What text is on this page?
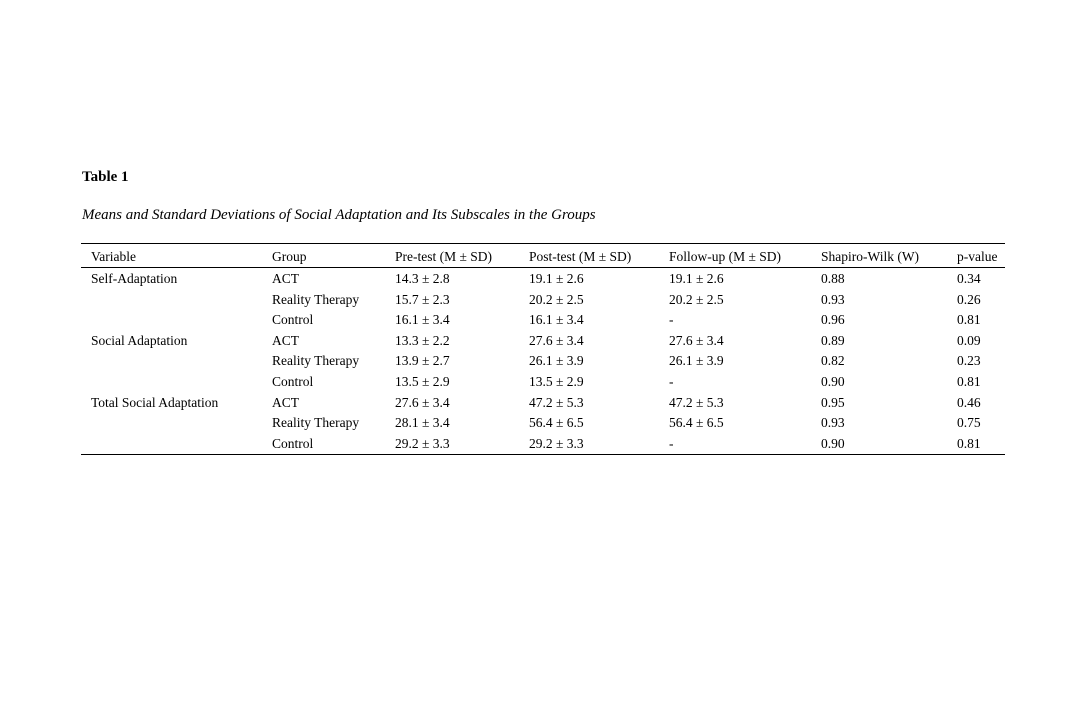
Table 1
Means and Standard Deviations of Social Adaptation and Its Subscales in the Groups
Variable	Group	Pre-test (M ± SD)	Post-test (M ± SD)	Follow-up (M ± SD)	Shapiro-Wilk (W)	p-value
Self-Adaptation	ACT	14.3 ± 2.8	19.1 ± 2.6	19.1 ± 2.6	0.88	0.34
	Reality Therapy	15.7 ± 2.3	20.2 ± 2.5	20.2 ± 2.5	0.93	0.26
	Control	16.1 ± 3.4	16.1 ± 3.4	-	0.96	0.81
Social Adaptation	ACT	13.3 ± 2.2	27.6 ± 3.4	27.6 ± 3.4	0.89	0.09
	Reality Therapy	13.9 ± 2.7	26.1 ± 3.9	26.1 ± 3.9	0.82	0.23
	Control	13.5 ± 2.9	13.5 ± 2.9	-	0.90	0.81
Total Social Adaptation	ACT	27.6 ± 3.4	47.2 ± 5.3	47.2 ± 5.3	0.95	0.46
	Reality Therapy	28.1 ± 3.4	56.4 ± 6.5	56.4 ± 6.5	0.93	0.75
	Control	29.2 ± 3.3	29.2 ± 3.3	-	0.90	0.81
